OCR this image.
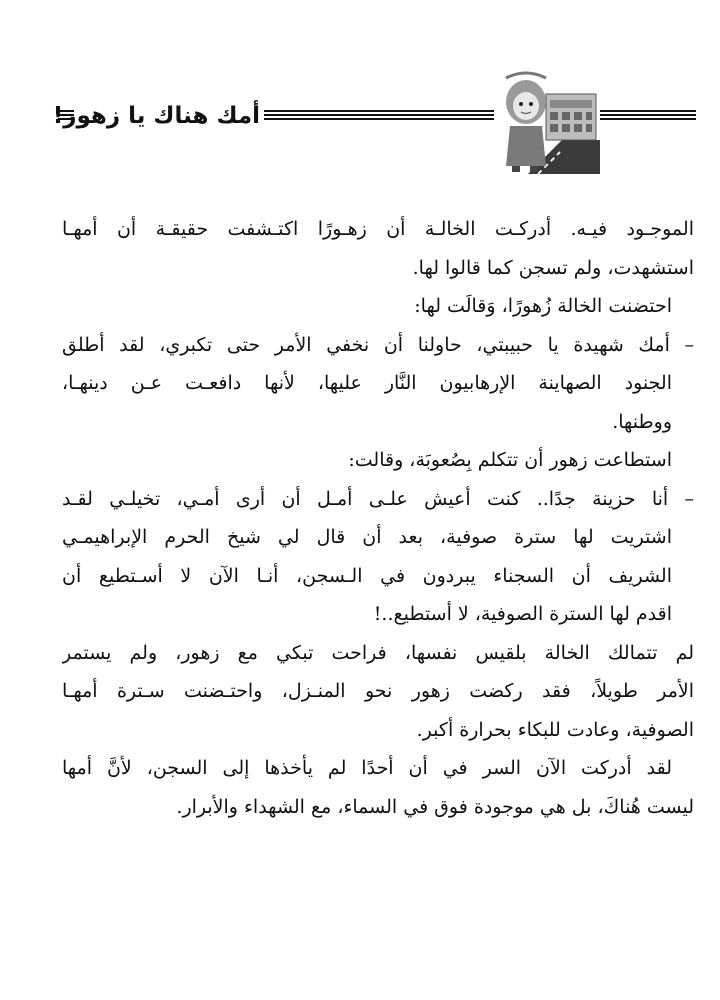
أمك هناك يا زهور!
الموجـود فيـه. أدركـت الخالـة أن زهـورًا اكتـشفت حقيقـة أن أمهـا
استشهدت، ولم تسجن كما قالوا لها.
احتضنت الخالة زُهورًا، وَقالَت لها:
– أمك شهيدة يا حبيبتي، حاولنا أن نخفي الأمر حتى تكبري، لقد أطلق
الجنود الصهاينة الإرهابيون النَّار عليها، لأنها دافعـت عـن دينهـا،
ووطنها.
استطاعت زهور أن تتكلم بِصُعوبَة، وقالت:
– أنا حزينة جدًا.. كنت أعيش علـى أمـل أن أرى أمـي، تخيلـي لقـد
اشتريت لها سترة صوفية، بعد أن قال لي شيخ الحرم الإبراهيمـي
الشريف أن السجناء يبردون في الـسجن، أنـا الآن لا أسـتطيع أن
اقدم لها السترة الصوفية، لا أستطيع..!
لم تتمالك الخالة بلقيس نفسها، فراحت تبكي مع زهور، ولم يستمر
الأمر طويلاً، فقد ركضت زهور نحو المنـزل، واحتـضنت سـترة أمهـا
الصوفية، وعادت للبكاء بحرارة أكبر.
لقد أدركت الآن السر في أن أحدًا لم يأخذها إلى السجن، لأنَّ أمها
ليست هُناكَ، بل هي موجودة فوق في السماء، مع الشهداء والأبرار.
